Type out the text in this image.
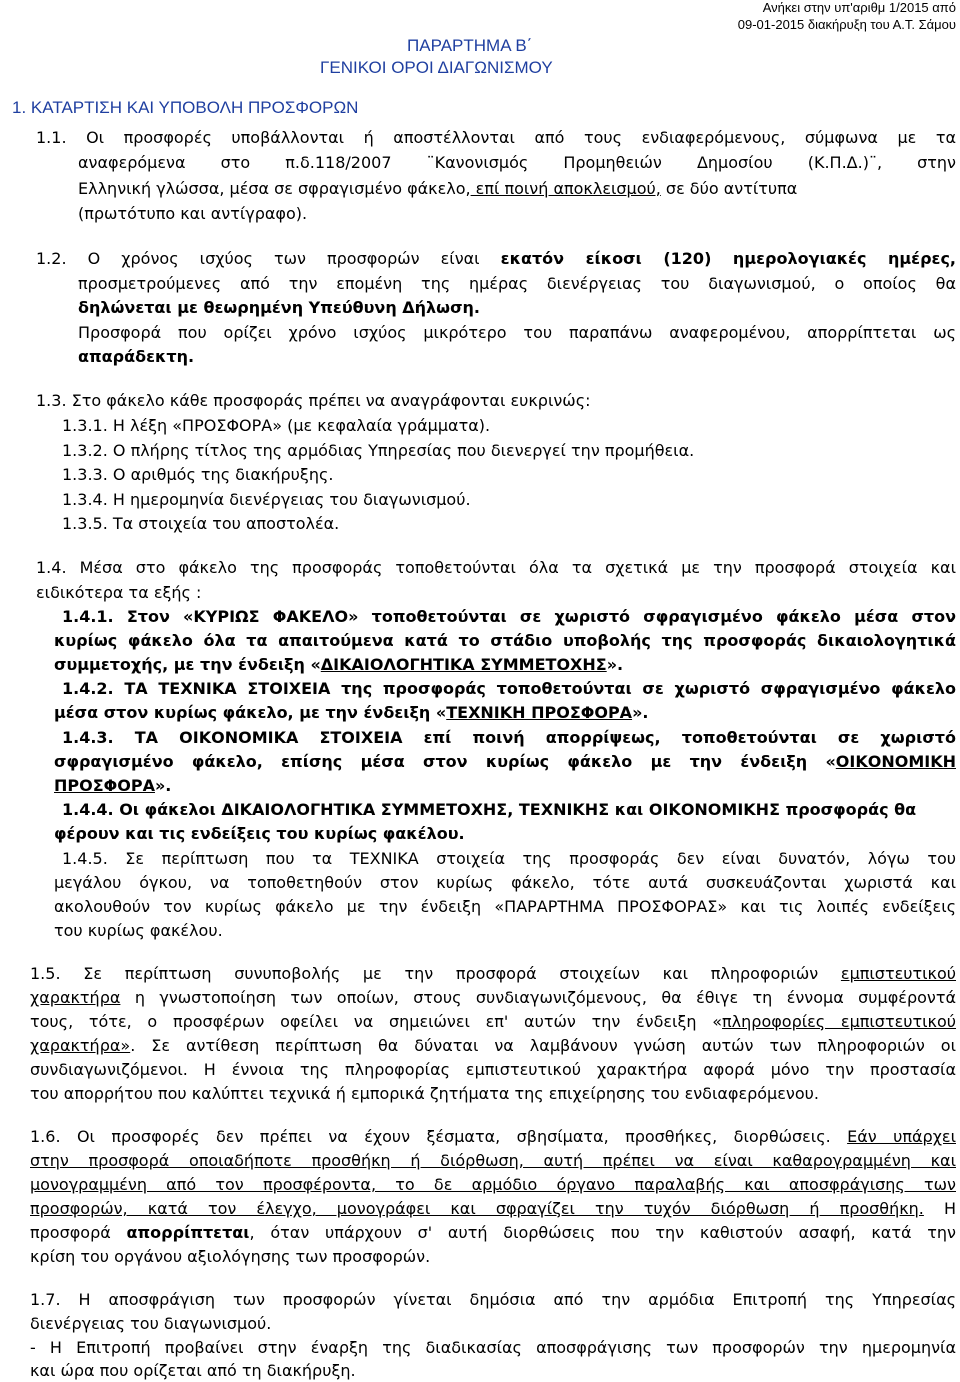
Ανήκει στην υπ'αριθμ 1/2015 από
09-01-2015 διακήρυξη του Α.Τ. Σάμου
ΠΑΡΑΡΤΗΜΑ Β΄
ΓΕΝΙΚΟΙ ΟΡΟΙ ΔΙΑΓΩΝΙΣΜΟΥ
1. ΚΑΤΑΡΤΙΣΗ ΚΑΙ ΥΠΟΒΟΛΗ ΠΡΟΣΦΟΡΩΝ
1.1. Οι προσφορές υποβάλλονται ή αποστέλλονται από τους ενδιαφερόμενους, σύμφωνα με τα
αναφερόμενα στο π.δ.118/2007 ¨Κανονισμός Προμηθειών Δημοσίου (Κ.Π.Δ.)¨, στην
Ελληνική γλώσσα, μέσα σε σφραγισμένο φάκελο, επί ποινή αποκλεισμού, σε δύο αντίτυπα
(πρωτότυπο και αντίγραφο).
1.2. Ο χρόνος ισχύος των προσφορών είναι εκατόν είκοσι (120) ημερολογιακές ημέρες,
προσμετρούμενες από την επομένη της ημέρας διενέργειας του διαγωνισμού, ο οποίος θα
δηλώνεται με θεωρημένη Υπεύθυνη Δήλωση.
Προσφορά που ορίζει χρόνο ισχύος μικρότερο του παραπάνω αναφερομένου, απορρίπτεται ως
απαράδεκτη.
1.3. Στο φάκελο κάθε προσφοράς πρέπει να αναγράφονται ευκρινώς:
1.3.1. Η λέξη «ΠΡΟΣΦΟΡΑ» (με κεφαλαία γράμματα).
1.3.2. Ο πλήρης τίτλος της αρμόδιας Υπηρεσίας που διενεργεί την προμήθεια.
1.3.3. Ο αριθμός της διακήρυξης.
1.3.4. Η ημερομηνία διενέργειας του διαγωνισμού.
1.3.5. Τα στοιχεία του αποστολέα.
1.4. Μέσα στο φάκελο της προσφοράς τοποθετούνται όλα τα σχετικά με την προσφορά στοιχεία και
ειδικότερα τα εξής :
1.4.1. Στον «ΚΥΡΙΩΣ ΦΑΚΕΛΟ» τοποθετούνται σε χωριστό σφραγισμένο φάκελο μέσα στον
κυρίως φάκελο όλα τα απαιτούμενα κατά το στάδιο υποβολής της προσφοράς δικαιολογητικά
συμμετοχής, με την ένδειξη «ΔΙΚΑΙΟΛΟΓΗΤΙΚΑ ΣΥΜΜΕΤΟΧΗΣ».
1.4.2. ΤΑ ΤΕΧΝΙΚΑ ΣΤΟΙΧΕΙΑ της προσφοράς τοποθετούνται σε χωριστό σφραγισμένο φάκελο
μέσα στον κυρίως φάκελο, με την ένδειξη «ΤΕΧΝΙΚΗ ΠΡΟΣΦΟΡΑ».
1.4.3. ΤΑ ΟΙΚΟΝΟΜΙΚΑ ΣΤΟΙΧΕΙΑ επί ποινή απορρίψεως, τοποθετούνται σε χωριστό
σφραγισμένο φάκελο, επίσης μέσα στον κυρίως φάκελο με την ένδειξη «ΟΙΚΟΝΟΜΙΚΗ
ΠΡΟΣΦΟΡΑ».
1.4.4. Οι φάκελοι ΔΙΚΑΙΟΛΟΓΗΤΙΚΑ ΣΥΜΜΕΤΟΧΗΣ, ΤΕΧΝΙΚΗΣ και ΟΙΚΟΝΟΜΙΚΗΣ προσφοράς θα
φέρουν και τις ενδείξεις του κυρίως φακέλου.
1.4.5. Σε περίπτωση που τα ΤΕΧΝΙΚΑ στοιχεία της προσφοράς δεν είναι δυνατόν, λόγω του
μεγάλου όγκου, να τοποθετηθούν στον κυρίως φάκελο, τότε αυτά συσκευάζονται χωριστά και
ακολουθούν τον κυρίως φάκελο με την ένδειξη «ΠΑΡΑΡΤΗΜΑ ΠΡΟΣΦΟΡΑΣ» και τις λοιπές ενδείξεις
του κυρίως φακέλου.
1.5. Σε περίπτωση συνυποβολής με την προσφορά στοιχείων και πληροφοριών εμπιστευτικού
χαρακτήρα η γνωστοποίηση των οποίων, στους συνδιαγωνιζόμενους, θα έθιγε τη έννομα συμφέροντά
τους, τότε, ο προσφέρων οφείλει να σημειώνει επ' αυτών την ένδειξη «πληροφορίες εμπιστευτικού
χαρακτήρα». Σε αντίθεση περίπτωση θα δύναται να λαμβάνουν γνώση αυτών των πληροφοριών οι
συνδιαγωνιζόμενοι. Η έννοια της πληροφορίας εμπιστευτικού χαρακτήρα αφορά μόνο την προστασία
του απορρήτου που καλύπτει τεχνικά ή εμπορικά ζητήματα της επιχείρησης του ενδιαφερόμενου.
1.6. Οι προσφορές δεν πρέπει να έχουν ξέσματα, σβησίματα, προσθήκες, διορθώσεις. Εάν υπάρχει
στην προσφορά οποιαδήποτε προσθήκη ή διόρθωση, αυτή πρέπει να είναι καθαρογραμμένη και
μονογραμμένη από τον προσφέροντα, το δε αρμόδιο όργανο παραλαβής και αποσφράγισης των
προσφορών, κατά τον έλεγχο, μονογράφει και σφραγίζει την τυχόν διόρθωση ή προσθήκη. Η
προσφορά απορρίπτεται, όταν υπάρχουν σ' αυτή διορθώσεις που την καθιστούν ασαφή, κατά την
κρίση του οργάνου αξιολόγησης των προσφορών.
1.7. Η αποσφράγιση των προσφορών γίνεται δημόσια από την αρμόδια Επιτροπή της Υπηρεσίας
διενέργειας του διαγωνισμού.
- Η Επιτροπή προβαίνει στην έναρξη της διαδικασίας αποσφράγισης των προσφορών την ημερομηνία
και ώρα που ορίζεται από τη διακήρυξη.
